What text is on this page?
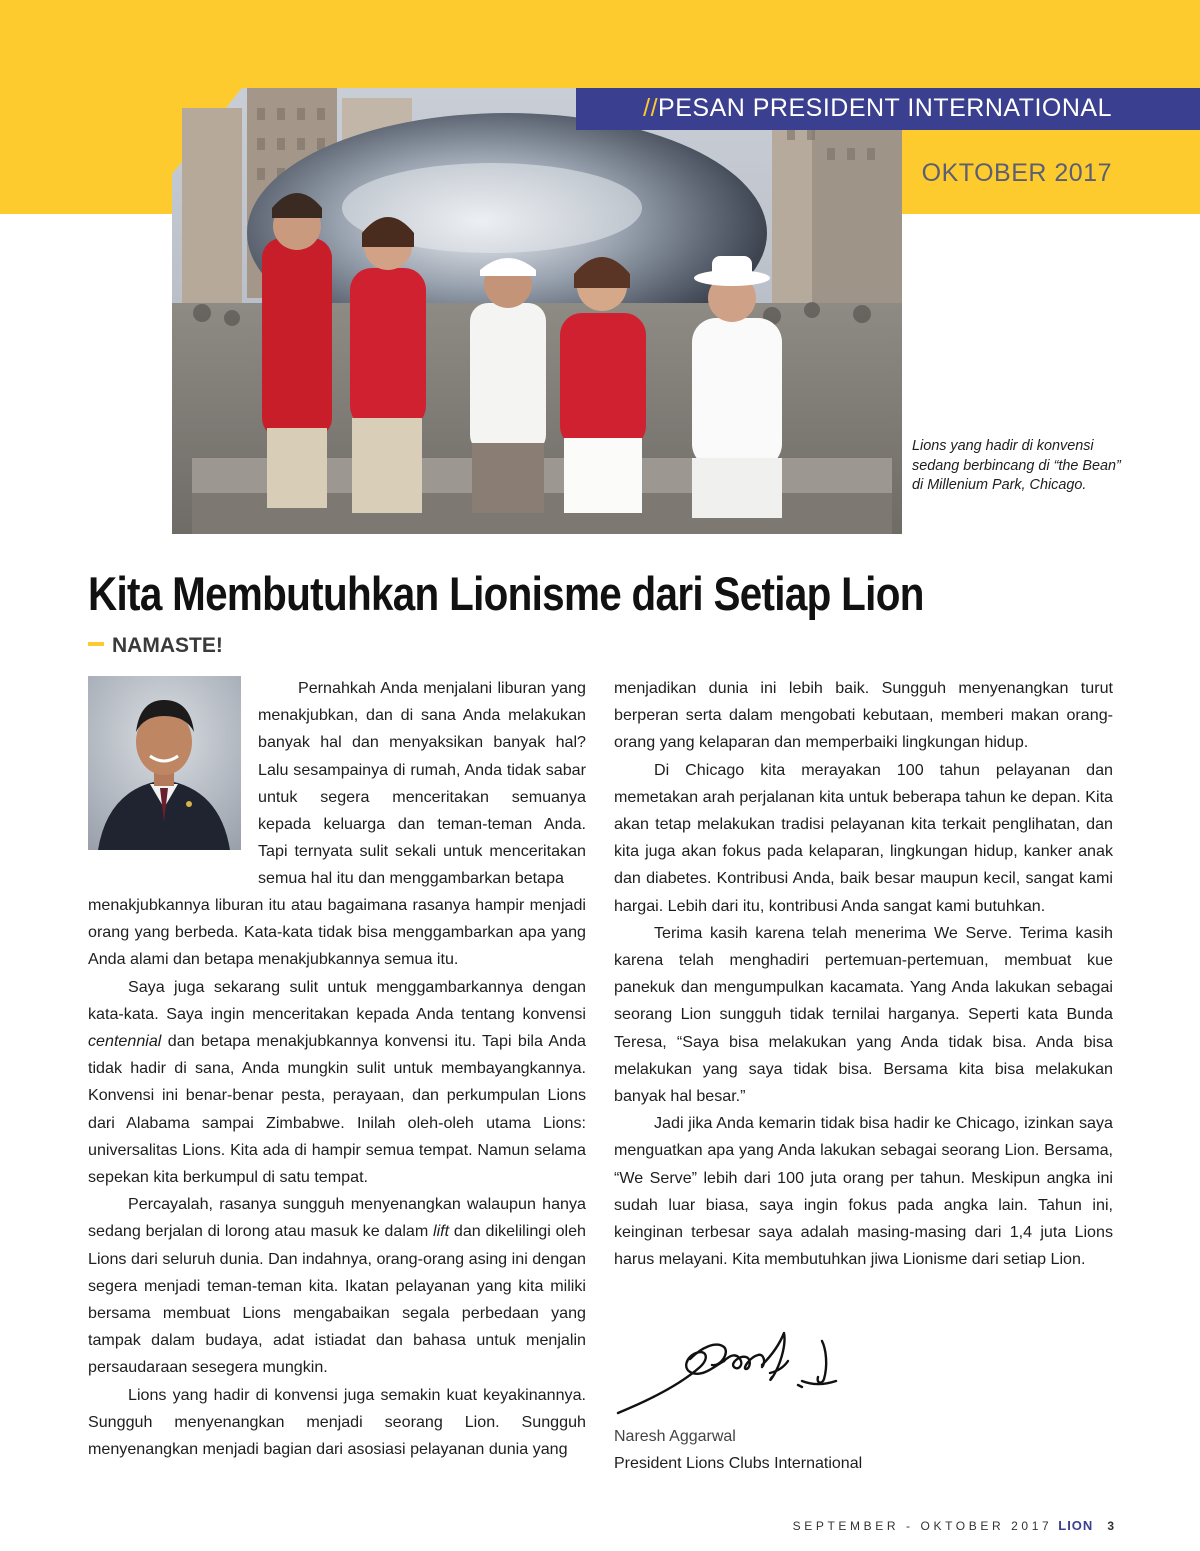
//PESAN PRESIDENT INTERNATIONAL
OKTOBER 2017
Lions yang hadir di konvensi sedang berbincang di “the Bean” di Millenium Park, Chicago.
Kita Membutuhkan Lionisme dari Setiap Lion
NAMASTE!

Pernahkah Anda menjalani liburan yang menakjubkan, dan di sana Anda melakukan banyak hal dan menyaksikan banyak hal? Lalu sesampainya di rumah, Anda tidak sabar untuk segera menceritakan semuanya kepada keluarga dan teman-teman Anda. Tapi ternyata sulit sekali untuk menceritakan semua hal itu dan menggambarkan betapa

menakjubkannya liburan itu atau bagaimana rasanya hampir menjadi orang yang berbeda. Kata-kata tidak bisa menggambarkan apa yang Anda alami dan betapa menakjubkannya semua itu.

Saya juga sekarang sulit untuk menggambarkannya dengan kata-kata. Saya ingin menceritakan kepada Anda tentang konvensi centennial dan betapa menakjubkannya konvensi itu. Tapi bila Anda tidak hadir di sana, Anda mungkin sulit untuk membayangkannya. Konvensi ini benar-benar pesta, perayaan, dan perkumpulan Lions dari Alabama sampai Zimbabwe. Inilah oleh-oleh utama Lions: universalitas Lions. Kita ada di hampir semua tempat. Namun selama sepekan kita berkumpul di satu tempat.

Percayalah, rasanya sungguh menyenangkan walaupun hanya sedang berjalan di lorong atau masuk ke dalam lift dan dikelilingi oleh Lions dari seluruh dunia. Dan indahnya, orang-orang asing ini dengan segera menjadi teman-teman kita. Ikatan pelayanan yang kita miliki bersama membuat Lions mengabaikan segala perbedaan yang tampak dalam budaya, adat istiadat dan bahasa untuk menjalin persaudaraan sesegera mungkin.

Lions yang hadir di konvensi juga semakin kuat keyakinannya. Sungguh menyenangkan menjadi seorang Lion. Sungguh menyenangkan menjadi bagian dari asosiasi pelayanan dunia yang

menjadikan dunia ini lebih baik. Sungguh menyenangkan turut berperan serta dalam mengobati kebutaan, memberi makan orang-orang yang kelaparan dan memperbaiki lingkungan hidup.

Di Chicago kita merayakan 100 tahun pelayanan dan memetakan arah perjalanan kita untuk beberapa tahun ke depan. Kita akan tetap melakukan tradisi pelayanan kita terkait penglihatan, dan kita juga akan fokus pada kelaparan, lingkungan hidup, kanker anak dan diabetes. Kontribusi Anda, baik besar maupun kecil, sangat kami hargai. Lebih dari itu, kontribusi Anda sangat kami butuhkan.

Terima kasih karena telah menerima We Serve. Terima kasih karena telah menghadiri pertemuan-pertemuan, membuat kue panekuk dan mengumpulkan kacamata. Yang Anda lakukan sebagai seorang Lion sungguh tidak ternilai harganya. Seperti kata Bunda Teresa, “Saya bisa melakukan yang Anda tidak bisa. Anda bisa melakukan yang saya tidak bisa. Bersama kita bisa melakukan banyak hal besar.”

Jadi jika Anda kemarin tidak bisa hadir ke Chicago, izinkan saya menguatkan apa yang Anda lakukan sebagai seorang Lion. Bersama, “We Serve” lebih dari 100 juta orang per tahun. Meskipun angka ini sudah luar biasa, saya ingin fokus pada angka lain. Tahun ini, keinginan terbesar saya adalah masing-masing dari 1,4 juta Lions harus melayani. Kita membutuhkan jiwa Lionisme dari setiap Lion.

Naresh Aggarwal
President Lions Clubs International
SEPTEMBER - OKTOBER 2017 LION 3
